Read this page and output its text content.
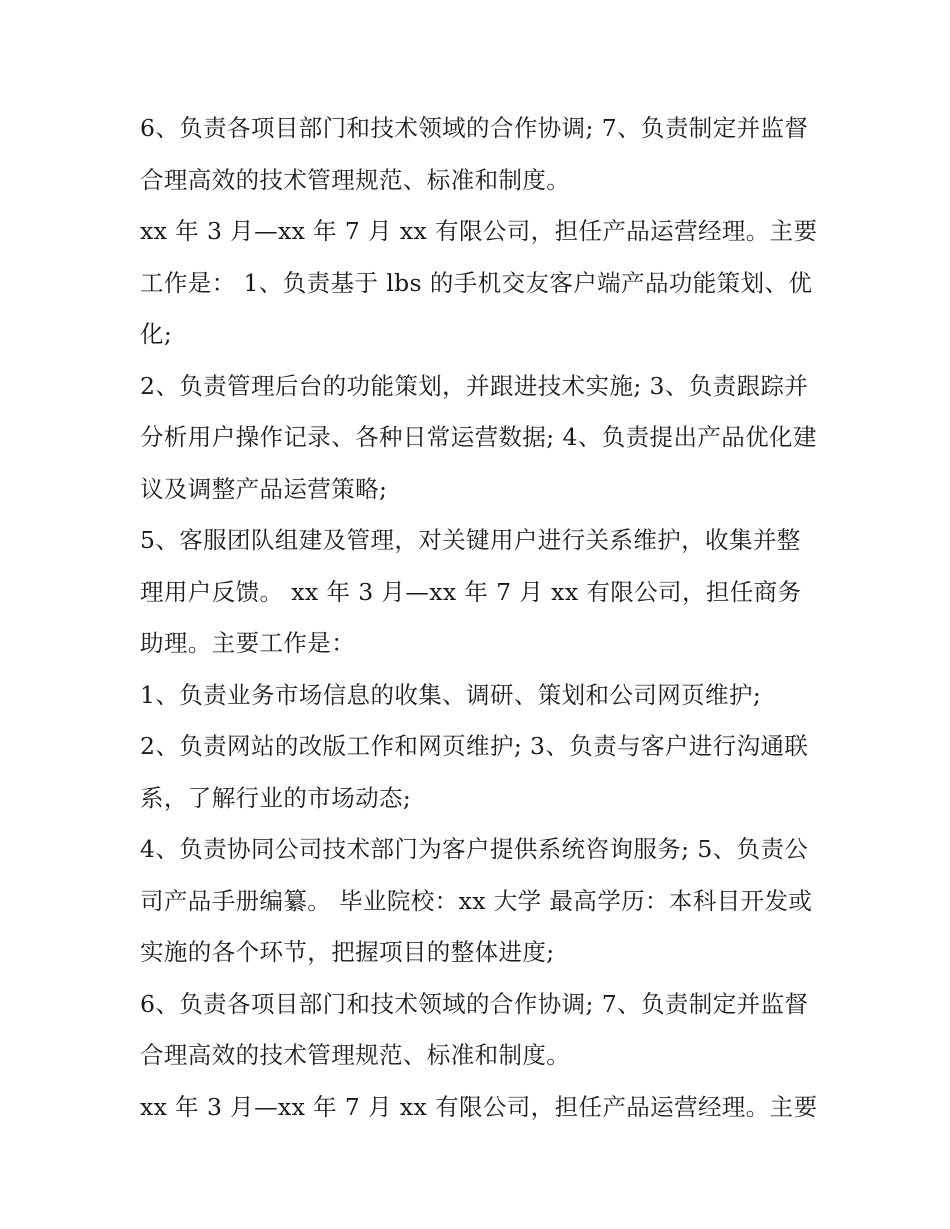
6、负责各项目部门和技术领域的合作协调; 7、负责制定并监督合理高效的技术管理规范、标准和制度。

xx 年 3 月—xx 年 7 月 xx 有限公司，担任产品运营经理。主要工作是： 1、负责基于 lbs 的手机交友客户端产品功能策划、优化;

2、负责管理后台的功能策划，并跟进技术实施; 3、负责跟踪并分析用户操作记录、各种日常运营数据; 4、负责提出产品优化建议及调整产品运营策略;

5、客服团队组建及管理，对关键用户进行关系维护，收集并整理用户反馈。 xx 年 3 月—xx 年 7 月 xx 有限公司，担任商务助理。主要工作是：

1、负责业务市场信息的收集、调研、策划和公司网页维护;

2、负责网站的改版工作和网页维护; 3、负责与客户进行沟通联系，了解行业的市场动态;

4、负责协同公司技术部门为客户提供系统咨询服务; 5、负责公司产品手册编纂。 毕业院校：xx 大学 最高学历：本科目开发或实施的各个环节，把握项目的整体进度;

6、负责各项目部门和技术领域的合作协调; 7、负责制定并监督合理高效的技术管理规范、标准和制度。

xx 年 3 月—xx 年 7 月 xx 有限公司，担任产品运营经理。主要
